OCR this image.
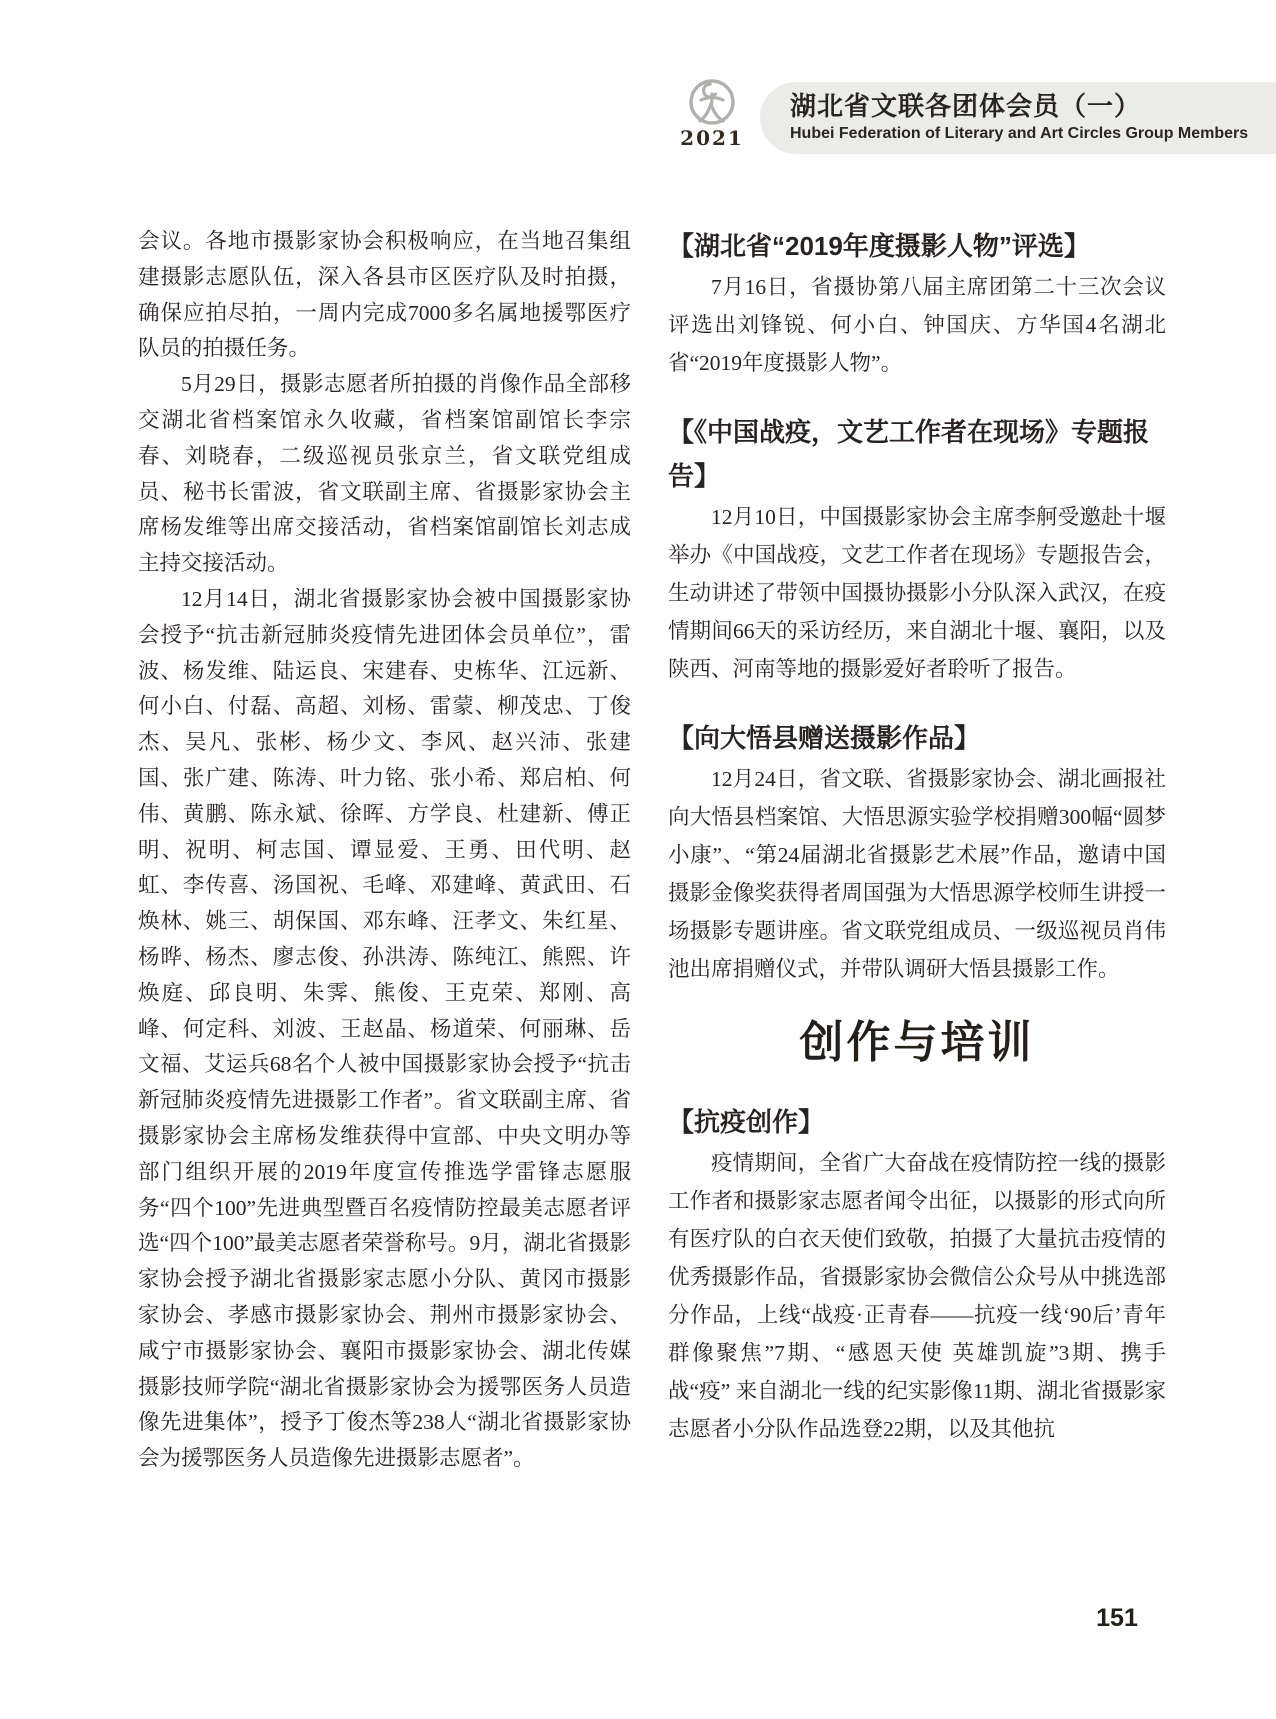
2021
湖北省文联各团体会员（一）
Hubei Federation of Literary and Art Circles Group Members

会议。各地市摄影家协会积极响应，在当地召集组建摄影志愿队伍，深入各县市区医疗队及时拍摄，确保应拍尽拍，一周内完成7000多名属地援鄂医疗队员的拍摄任务。

5月29日，摄影志愿者所拍摄的肖像作品全部移交湖北省档案馆永久收藏，省档案馆副馆长李宗春、刘晓春，二级巡视员张京兰，省文联党组成员、秘书长雷波，省文联副主席、省摄影家协会主席杨发维等出席交接活动，省档案馆副馆长刘志成主持交接活动。

12月14日，湖北省摄影家协会被中国摄影家协会授予“抗击新冠肺炎疫情先进团体会员单位”，雷波、杨发维、陆运良、宋建春、史栋华、江远新、何小白、付磊、高超、刘杨、雷蒙、柳茂忠、丁俊杰、吴凡、张彬、杨少文、李风、赵兴沛、张建国、张广建、陈涛、叶力铭、张小希、郑启柏、何伟、黄鹏、陈永斌、徐晖、方学良、杜建新、傅正明、祝明、柯志国、谭显爱、王勇、田代明、赵虹、李传喜、汤国祝、毛峰、邓建峰、黄武田、石焕林、姚三、胡保国、邓东峰、汪孝文、朱红星、杨晔、杨杰、廖志俊、孙洪涛、陈纯江、熊熙、许焕庭、邱良明、朱霁、熊俊、王克荣、郑刚、高峰、何定科、刘波、王赵晶、杨道荣、何丽琳、岳文福、艾运兵68名个人被中国摄影家协会授予“抗击新冠肺炎疫情先进摄影工作者”。省文联副主席、省摄影家协会主席杨发维获得中宣部、中央文明办等部门组织开展的2019年度宣传推选学雷锋志愿服务“四个100”先进典型暨百名疫情防控最美志愿者评选“四个100”最美志愿者荣誉称号。9月，湖北省摄影家协会授予湖北省摄影家志愿小分队、黄冈市摄影家协会、孝感市摄影家协会、荆州市摄影家协会、咸宁市摄影家协会、襄阳市摄影家协会、湖北传媒摄影技师学院“湖北省摄影家协会为援鄂医务人员造像先进集体”，授予丁俊杰等238人“湖北省摄影家协会为援鄂医务人员造像先进摄影志愿者”。

【湖北省“2019年度摄影人物”评选】

7月16日，省摄协第八届主席团第二十三次会议评选出刘锋锐、何小白、钟国庆、方华国4名湖北省“2019年度摄影人物”。

【《中国战疫，文艺工作者在现场》专题报告】

12月10日，中国摄影家协会主席李舸受邀赴十堰举办《中国战疫，文艺工作者在现场》专题报告会，生动讲述了带领中国摄协摄影小分队深入武汉，在疫情期间66天的采访经历，来自湖北十堰、襄阳，以及陕西、河南等地的摄影爱好者聆听了报告。

【向大悟县赠送摄影作品】

12月24日，省文联、省摄影家协会、湖北画报社向大悟县档案馆、大悟思源实验学校捐赠300幅“圆梦小康”、“第24届湖北省摄影艺术展”作品，邀请中国摄影金像奖获得者周国强为大悟思源学校师生讲授一场摄影专题讲座。省文联党组成员、一级巡视员肖伟池出席捐赠仪式，并带队调研大悟县摄影工作。

创作与培训
【抗疫创作】

疫情期间，全省广大奋战在疫情防控一线的摄影工作者和摄影家志愿者闻令出征，以摄影的形式向所有医疗队的白衣天使们致敬，拍摄了大量抗击疫情的优秀摄影作品，省摄影家协会微信公众号从中挑选部分作品，上线“战疫·正青春——抗疫一线‘90后’青年群像聚焦”7期、“感恩天使 英雄凯旋”3期、携手战“疫” 来自湖北一线的纪实影像11期、湖北省摄影家志愿者小分队作品选登22期，以及其他抗

151
